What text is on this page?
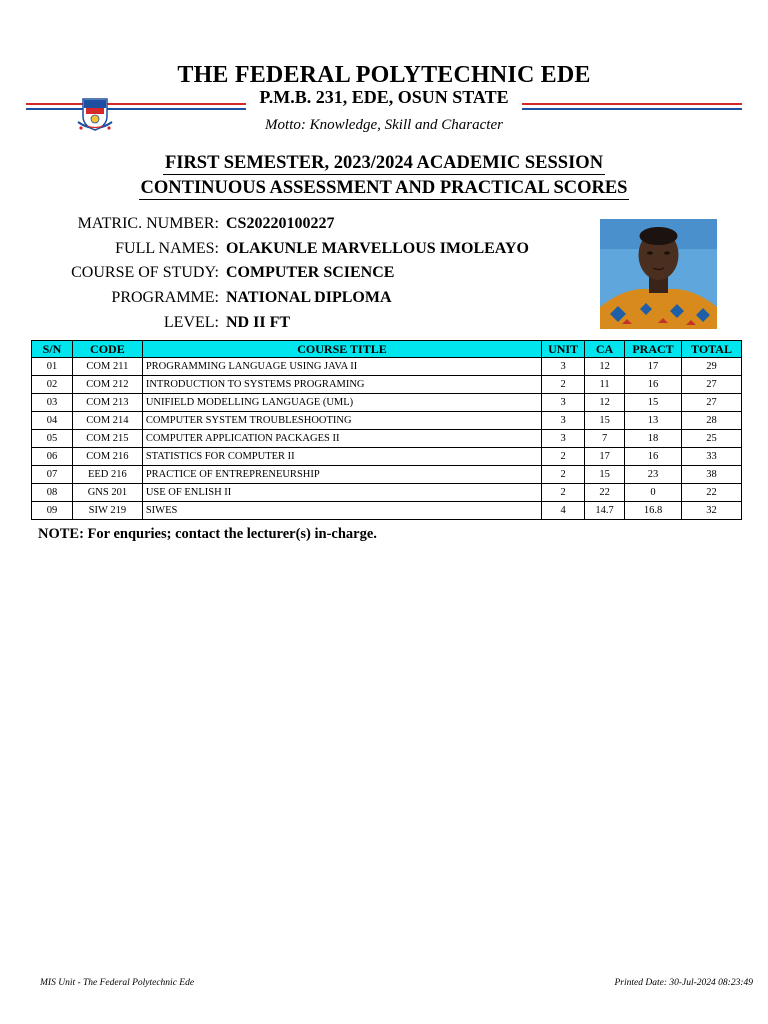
THE FEDERAL POLYTECHNIC EDE
P.M.B. 231, EDE, OSUN STATE
Motto: Knowledge, Skill and Character
FIRST SEMESTER, 2023/2024 ACADEMIC SESSION
CONTINUOUS ASSESSMENT AND PRACTICAL SCORES
MATRIC. NUMBER: CS20220100227
FULL NAMES: OLAKUNLE MARVELLOUS IMOLEAYO
COURSE OF STUDY: COMPUTER SCIENCE
PROGRAMME: NATIONAL DIPLOMA
LEVEL: ND II FT
S/N	CODE	COURSE TITLE	UNIT	CA	PRACT	TOTAL
01	COM 211	PROGRAMMING LANGUAGE USING JAVA II	3	12	17	29
02	COM 212	INTRODUCTION TO SYSTEMS PROGRAMING	2	11	16	27
03	COM 213	UNIFIELD MODELLING LANGUAGE (UML)	3	12	15	27
04	COM 214	COMPUTER SYSTEM TROUBLESHOOTING	3	15	13	28
05	COM 215	COMPUTER APPLICATION PACKAGES II	3	7	18	25
06	COM 216	STATISTICS FOR COMPUTER II	2	17	16	33
07	EED 216	PRACTICE OF ENTREPRENEURSHIP	2	15	23	38
08	GNS 201	USE OF ENLISH II	2	22	0	22
09	SIW 219	SIWES	4	14.7	16.8	32
NOTE: For enquries; contact the lecturer(s) in-charge.
MIS Unit - The Federal Polytechnic Ede	Printed Date: 30-Jul-2024 08:23:49
